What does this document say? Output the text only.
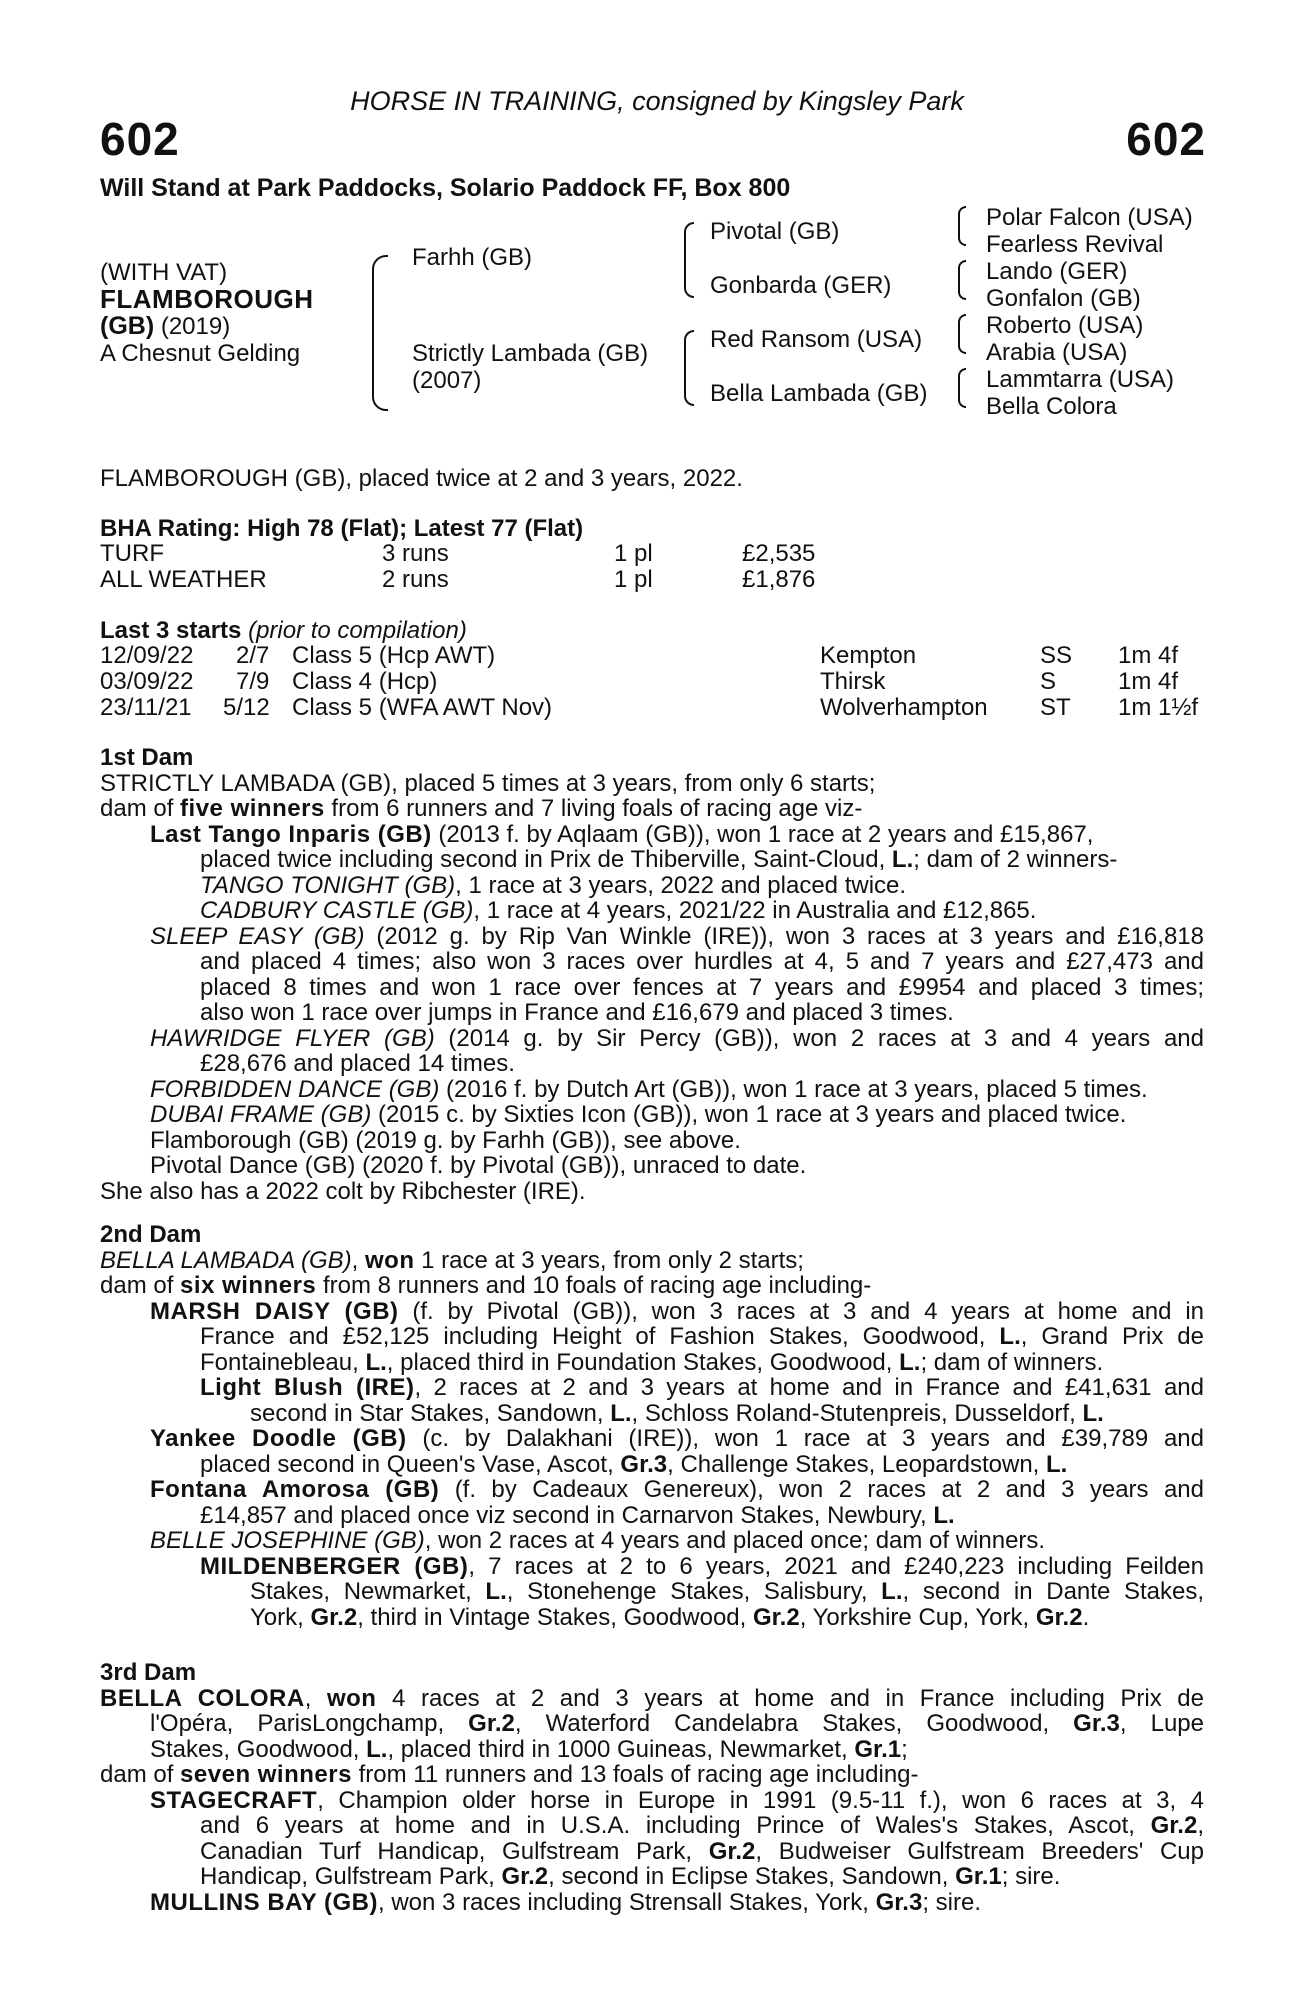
HORSE IN TRAINING, consigned by Kingsley Park
602	602
Will Stand at Park Paddocks, Solario Paddock FF, Box 800
(WITH VAT)
FLAMBOROUGH
(GB) (2019)
A Chesnut Gelding
Farhh (GB)
Strictly Lambada (GB)
(2007)
Pivotal (GB)
Gonbarda (GER)
Red Ransom (USA)
Bella Lambada (GB)
Polar Falcon (USA)
Fearless Revival
Lando (GER)
Gonfalon (GB)
Roberto (USA)
Arabia (USA)
Lammtarra (USA)
Bella Colora
FLAMBOROUGH (GB), placed twice at 2 and 3 years, 2022.
BHA Rating: High 78 (Flat); Latest 77 (Flat)
TURF	3 runs	1 pl	£2,535
ALL WEATHER	2 runs	1 pl	£1,876
Last 3 starts (prior to compilation)
12/09/22 2/7 Class 5 (Hcp AWT)	Kempton	SS 1m 4f
03/09/22 7/9 Class 4 (Hcp)	Thirsk	S	1m 4f
23/11/21 5/12 Class 5 (WFA AWT Nov)	Wolverhampton ST 1m 1½f
1st Dam
STRICTLY LAMBADA (GB), placed 5 times at 3 years, from only 6 starts;
dam of five winners from 6 runners and 7 living foals of racing age viz-
Last Tango Inparis (GB) (2013 f. by Aqlaam (GB)), won 1 race at 2 years and £15,867,
placed twice including second in Prix de Thiberville, Saint-Cloud, L.; dam of 2 winners-
TANGO TONIGHT (GB), 1 race at 3 years, 2022 and placed twice.
CADBURY CASTLE (GB), 1 race at 4 years, 2021/22 in Australia and £12,865.
SLEEP EASY (GB) (2012 g. by Rip Van Winkle (IRE)), won 3 races at 3 years and £16,818
and placed 4 times; also won 3 races over hurdles at 4, 5 and 7 years and £27,473 and
placed 8 times and won 1 race over fences at 7 years and £9954 and placed 3 times;
also won 1 race over jumps in France and £16,679 and placed 3 times.
HAWRIDGE FLYER (GB) (2014 g. by Sir Percy (GB)), won 2 races at 3 and 4 years and
£28,676 and placed 14 times.
FORBIDDEN DANCE (GB) (2016 f. by Dutch Art (GB)), won 1 race at 3 years, placed 5 times.
DUBAI FRAME (GB) (2015 c. by Sixties Icon (GB)), won 1 race at 3 years and placed twice.
Flamborough (GB) (2019 g. by Farhh (GB)), see above.
Pivotal Dance (GB) (2020 f. by Pivotal (GB)), unraced to date.
She also has a 2022 colt by Ribchester (IRE).
2nd Dam
BELLA LAMBADA (GB), won 1 race at 3 years, from only 2 starts;
dam of six winners from 8 runners and 10 foals of racing age including-
MARSH DAISY (GB) (f. by Pivotal (GB)), won 3 races at 3 and 4 years at home and in
France and £52,125 including Height of Fashion Stakes, Goodwood, L., Grand Prix de
Fontainebleau, L., placed third in Foundation Stakes, Goodwood, L.; dam of winners.
Light Blush (IRE), 2 races at 2 and 3 years at home and in France and £41,631 and
second in Star Stakes, Sandown, L., Schloss Roland-Stutenpreis, Dusseldorf, L.
Yankee Doodle (GB) (c. by Dalakhani (IRE)), won 1 race at 3 years and £39,789 and
placed second in Queen's Vase, Ascot, Gr.3, Challenge Stakes, Leopardstown, L.
Fontana Amorosa (GB) (f. by Cadeaux Genereux), won 2 races at 2 and 3 years and
£14,857 and placed once viz second in Carnarvon Stakes, Newbury, L.
BELLE JOSEPHINE (GB), won 2 races at 4 years and placed once; dam of winners.
MILDENBERGER (GB), 7 races at 2 to 6 years, 2021 and £240,223 including Feilden
Stakes, Newmarket, L., Stonehenge Stakes, Salisbury, L., second in Dante Stakes,
York, Gr.2, third in Vintage Stakes, Goodwood, Gr.2, Yorkshire Cup, York, Gr.2.
3rd Dam
BELLA COLORA, won 4 races at 2 and 3 years at home and in France including Prix de
l'Opéra, ParisLongchamp, Gr.2, Waterford Candelabra Stakes, Goodwood, Gr.3, Lupe
Stakes, Goodwood, L., placed third in 1000 Guineas, Newmarket, Gr.1;
dam of seven winners from 11 runners and 13 foals of racing age including-
STAGECRAFT, Champion older horse in Europe in 1991 (9.5-11 f.), won 6 races at 3, 4
and 6 years at home and in U.S.A. including Prince of Wales's Stakes, Ascot, Gr.2,
Canadian Turf Handicap, Gulfstream Park, Gr.2, Budweiser Gulfstream Breeders' Cup
Handicap, Gulfstream Park, Gr.2, second in Eclipse Stakes, Sandown, Gr.1; sire.
MULLINS BAY (GB), won 3 races including Strensall Stakes, York, Gr.3; sire.
